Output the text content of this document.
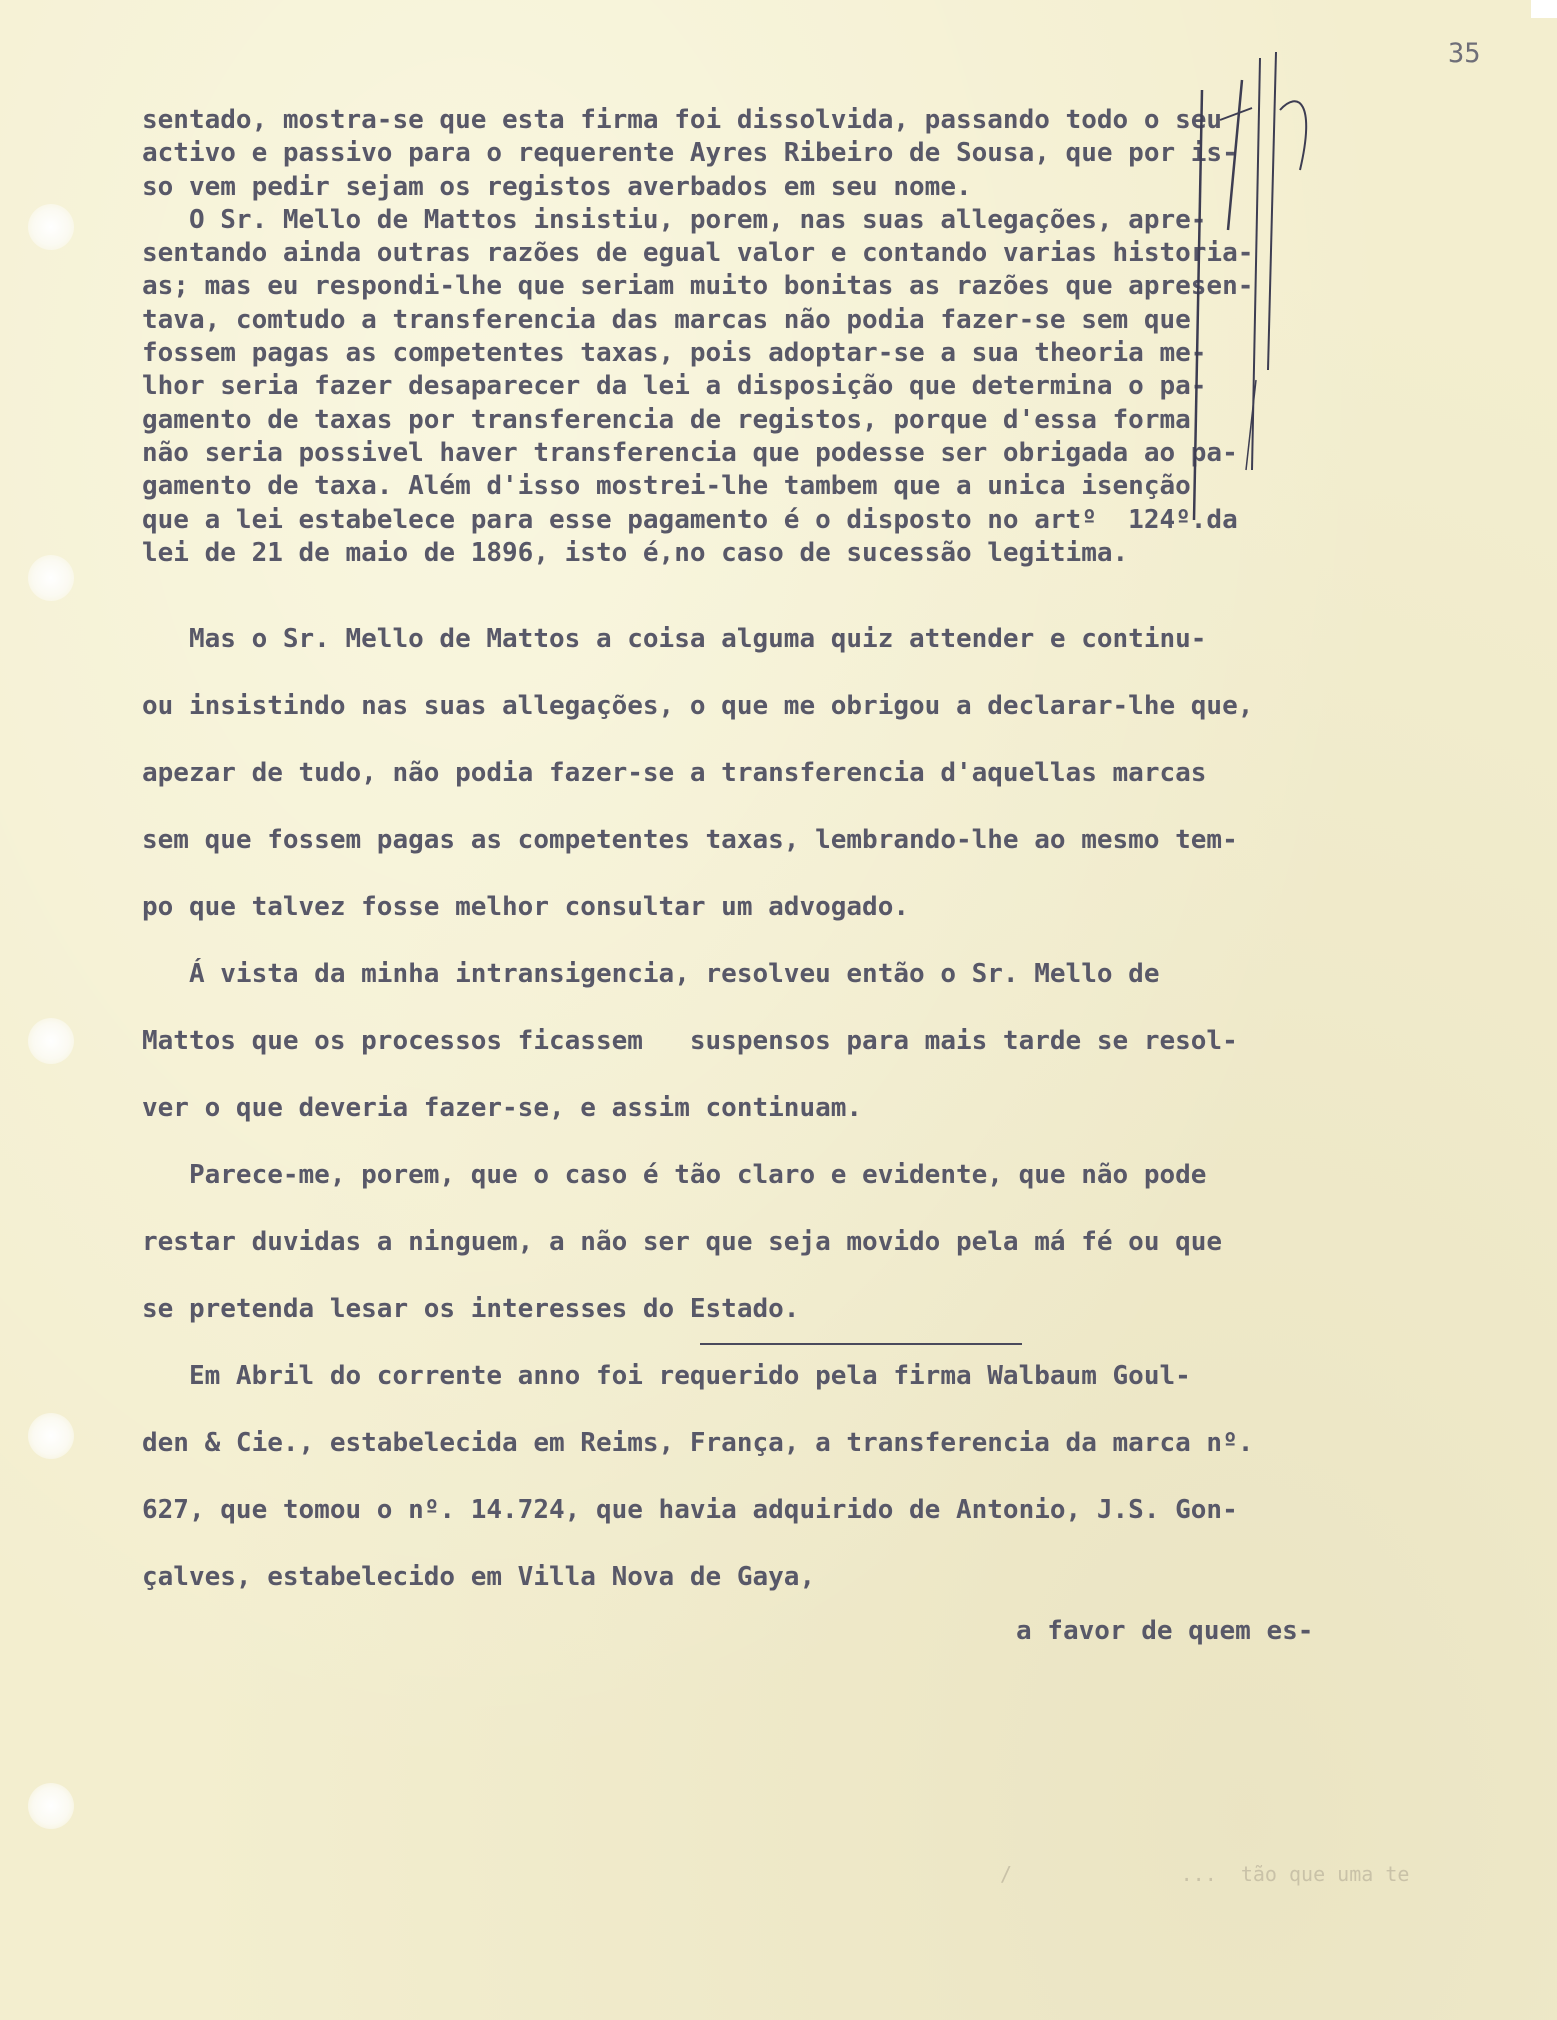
35

sentado, mostra-se que esta firma foi dissolvida, passando todo o seu
activo e passivo para o requerente Ayres Ribeiro de Sousa, que por is-
so vem pedir sejam os registos averbados em seu nome.
O Sr. Mello de Mattos insistiu, porem, nas suas allegações, apre-
sentando ainda outras razões de egual valor e contando varias historia-
as; mas eu respondi-lhe que seriam muito bonitas as razões que apresen-
tava, comtudo a transferencia das marcas não podia fazer-se sem que
fossem pagas as competentes taxas, pois adoptar-se a sua theoria me-
lhor seria fazer desaparecer da lei a disposição que determina o pa-
gamento de taxas por transferencia de registos, porque d'essa forma
não seria possivel haver transferencia que podesse ser obrigada ao pa-
gamento de taxa. Além d'isso mostrei-lhe tambem que a unica isenção
que a lei estabelece para esse pagamento é o disposto no artº  124º.da
lei de 21 de maio de 1896, isto é,no caso de sucessão legitima.
Mas o Sr. Mello de Mattos a coisa alguma quiz attender e continu-
ou insistindo nas suas allegações, o que me obrigou a declarar-lhe que,
apezar de tudo, não podia fazer-se a transferencia d'aquellas marcas
sem que fossem pagas as competentes taxas, lembrando-lhe ao mesmo tem-
po que talvez fosse melhor consultar um advogado.
Á vista da minha intransigencia, resolveu então o Sr. Mello de
Mattos que os processos ficassem   suspensos para mais tarde se resol-
ver o que deveria fazer-se, e assim continuam.
Parece-me, porem, que o caso é tão claro e evidente, que não pode
restar duvidas a ninguem, a não ser que seja movido pela má fé ou que
se pretenda lesar os interesses do Estado.
Em Abril do corrente anno foi requerido pela firma Walbaum Goul-
den & Cie., estabelecida em Reims, França, a transferencia da marca nº.
627, que tomou o nº. 14.724, que havia adquirido de Antonio, J.S. Gon-
çalves, estabelecido em Villa Nova de Gaya,

a favor de quem es-

/              ...  tão que uma te
